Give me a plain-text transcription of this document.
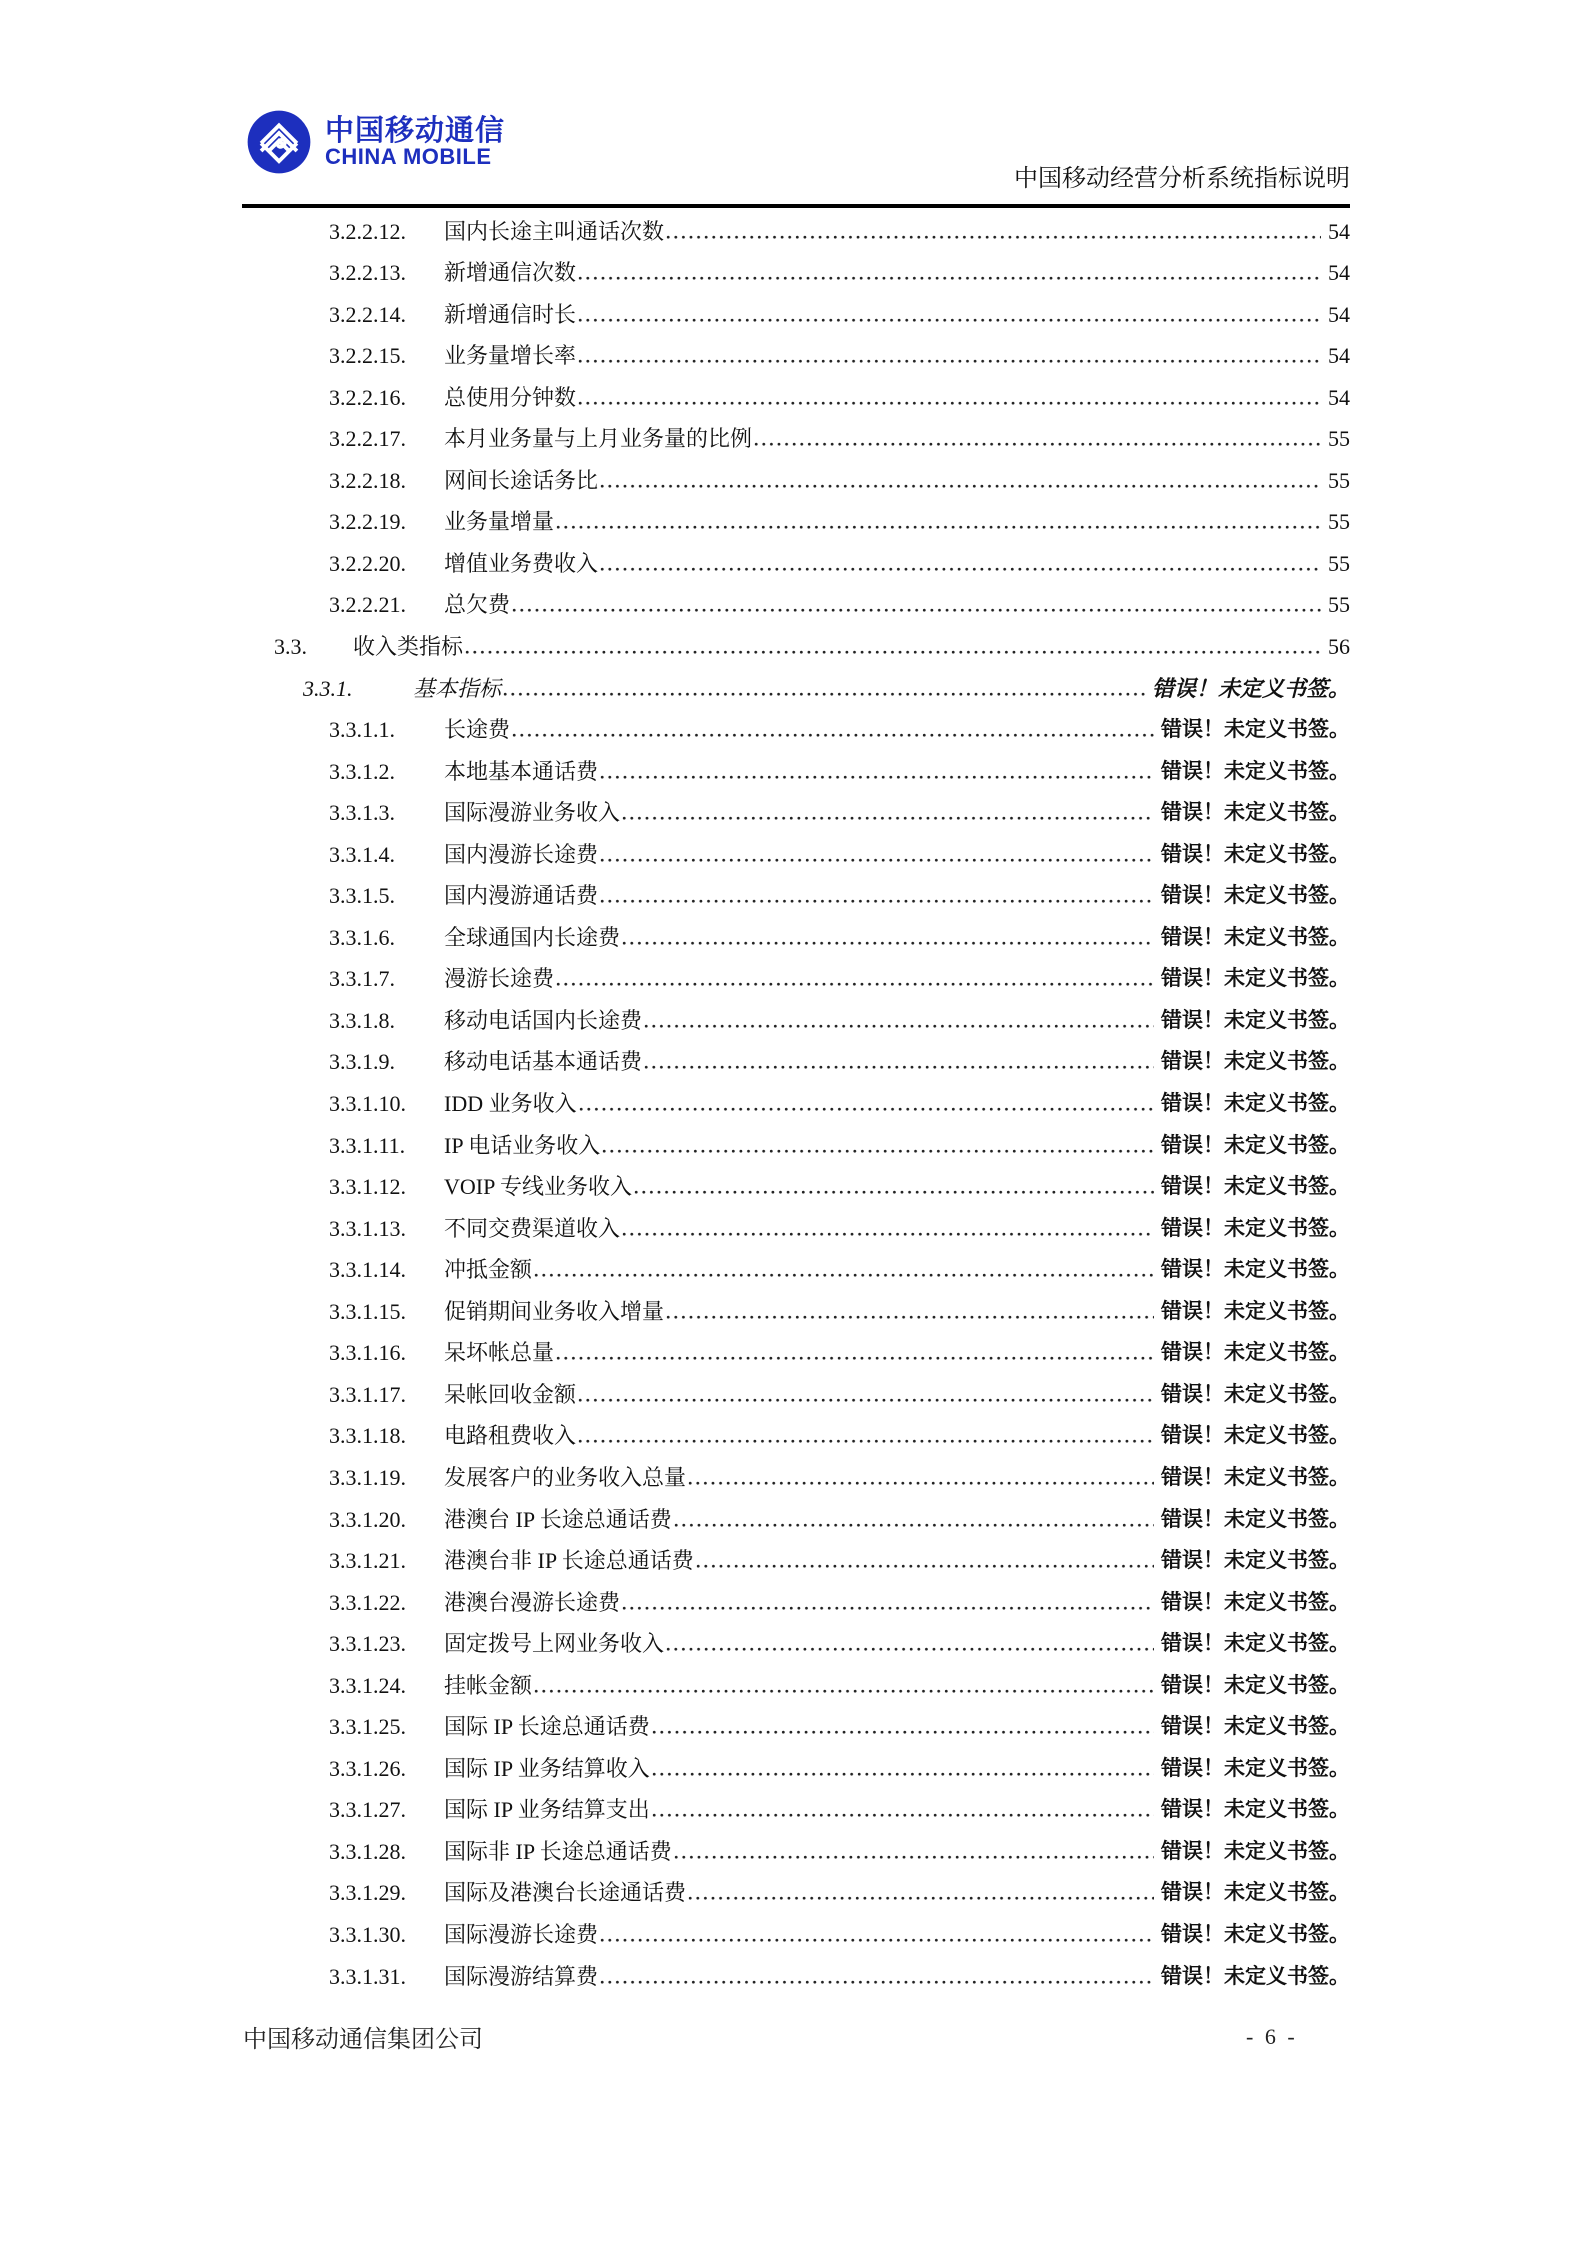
中国移动通信
CHINA MOBILE
中国移动经营分析系统指标说明
3.2.2.12.	国内长途主叫通话次数	54
3.2.2.13.	新增通信次数	54
3.2.2.14.	新增通信时长	54
3.2.2.15.	业务量增长率	54
3.2.2.16.	总使用分钟数	54
3.2.2.17.	本月业务量与上月业务量的比例	55
3.2.2.18.	网间长途话务比	55
3.2.2.19.	业务量增量	55
3.2.2.20.	增值业务费收入	55
3.2.2.21.	总欠费	55
3.3.	收入类指标	56
3.3.1.	基本指标	错误！未定义书签。
3.3.1.1.	长途费	错误！未定义书签。
3.3.1.2.	本地基本通话费	错误！未定义书签。
3.3.1.3.	国际漫游业务收入	错误！未定义书签。
3.3.1.4.	国内漫游长途费	错误！未定义书签。
3.3.1.5.	国内漫游通话费	错误！未定义书签。
3.3.1.6.	全球通国内长途费	错误！未定义书签。
3.3.1.7.	漫游长途费	错误！未定义书签。
3.3.1.8.	移动电话国内长途费	错误！未定义书签。
3.3.1.9.	移动电话基本通话费	错误！未定义书签。
3.3.1.10.	IDD 业务收入	错误！未定义书签。
3.3.1.11.	IP 电话业务收入	错误！未定义书签。
3.3.1.12.	VOIP 专线业务收入	错误！未定义书签。
3.3.1.13.	不同交费渠道收入	错误！未定义书签。
3.3.1.14.	冲抵金额	错误！未定义书签。
3.3.1.15.	促销期间业务收入增量	错误！未定义书签。
3.3.1.16.	呆坏帐总量	错误！未定义书签。
3.3.1.17.	呆帐回收金额	错误！未定义书签。
3.3.1.18.	电路租费收入	错误！未定义书签。
3.3.1.19.	发展客户的业务收入总量	错误！未定义书签。
3.3.1.20.	港澳台 IP 长途总通话费	错误！未定义书签。
3.3.1.21.	港澳台非 IP 长途总通话费	错误！未定义书签。
3.3.1.22.	港澳台漫游长途费	错误！未定义书签。
3.3.1.23.	固定拨号上网业务收入	错误！未定义书签。
3.3.1.24.	挂帐金额	错误！未定义书签。
3.3.1.25.	国际 IP 长途总通话费	错误！未定义书签。
3.3.1.26.	国际 IP 业务结算收入	错误！未定义书签。
3.3.1.27.	国际 IP 业务结算支出	错误！未定义书签。
3.3.1.28.	国际非 IP 长途总通话费	错误！未定义书签。
3.3.1.29.	国际及港澳台长途通话费	错误！未定义书签。
3.3.1.30.	国际漫游长途费	错误！未定义书签。
3.3.1.31.	国际漫游结算费	错误！未定义书签。
中国移动通信集团公司	- 6 -
